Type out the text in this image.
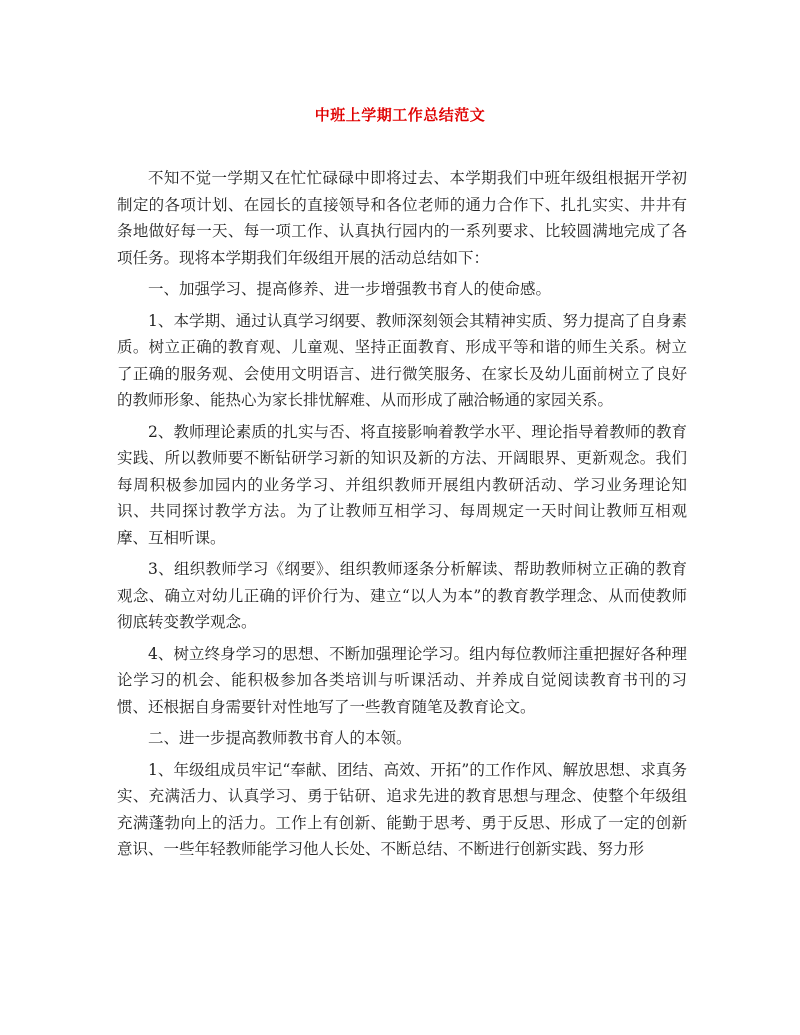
中班上学期工作总结范文

不知不觉一学期又在忙忙碌碌中即将过去、本学期我们中班年级组根据开学初制定的各项计划、在园长的直接领导和各位老师的通力合作下、扎扎实实、井井有条地做好每一天、每一项工作、认真执行园内的一系列要求、比较圆满地完成了各项任务。现将本学期我们年级组开展的活动总结如下：

一、加强学习、提高修养、进一步增强教书育人的使命感。

1、本学期、通过认真学习纲要、教师深刻领会其精神实质、努力提高了自身素质。树立正确的教育观、儿童观、坚持正面教育、形成平等和谐的师生关系。树立了正确的服务观、会使用文明语言、进行微笑服务、在家长及幼儿面前树立了良好的教师形象、能热心为家长排忧解难、从而形成了融洽畅通的家园关系。

2、教师理论素质的扎实与否、将直接影响着教学水平、理论指导着教师的教育实践、所以教师要不断钻研学习新的知识及新的方法、开阔眼界、更新观念。我们每周积极参加园内的业务学习、并组织教师开展组内教研活动、学习业务理论知识、共同探讨教学方法。为了让教师互相学习、每周规定一天时间让教师互相观摩、互相听课。

3、组织教师学习《纲要》、组织教师逐条分析解读、帮助教师树立正确的教育观念、确立对幼儿正确的评价行为、建立“以人为本”的教育教学理念、从而使教师彻底转变教学观念。

4、树立终身学习的思想、不断加强理论学习。组内每位教师注重把握好各种理论学习的机会、能积极参加各类培训与听课活动、并养成自觉阅读教育书刊的习惯、还根据自身需要针对性地写了一些教育随笔及教育论文。

二、进一步提高教师教书育人的本领。

1、年级组成员牢记“奉献、团结、高效、开拓”的工作作风、解放思想、求真务实、充满活力、认真学习、勇于钻研、追求先进的教育思想与理念、使整个年级组充满蓬勃向上的活力。工作上有创新、能勤于思考、勇于反思、形成了一定的创新意识、一些年轻教师能学习他人长处、不断总结、不断进行创新实践、努力形
